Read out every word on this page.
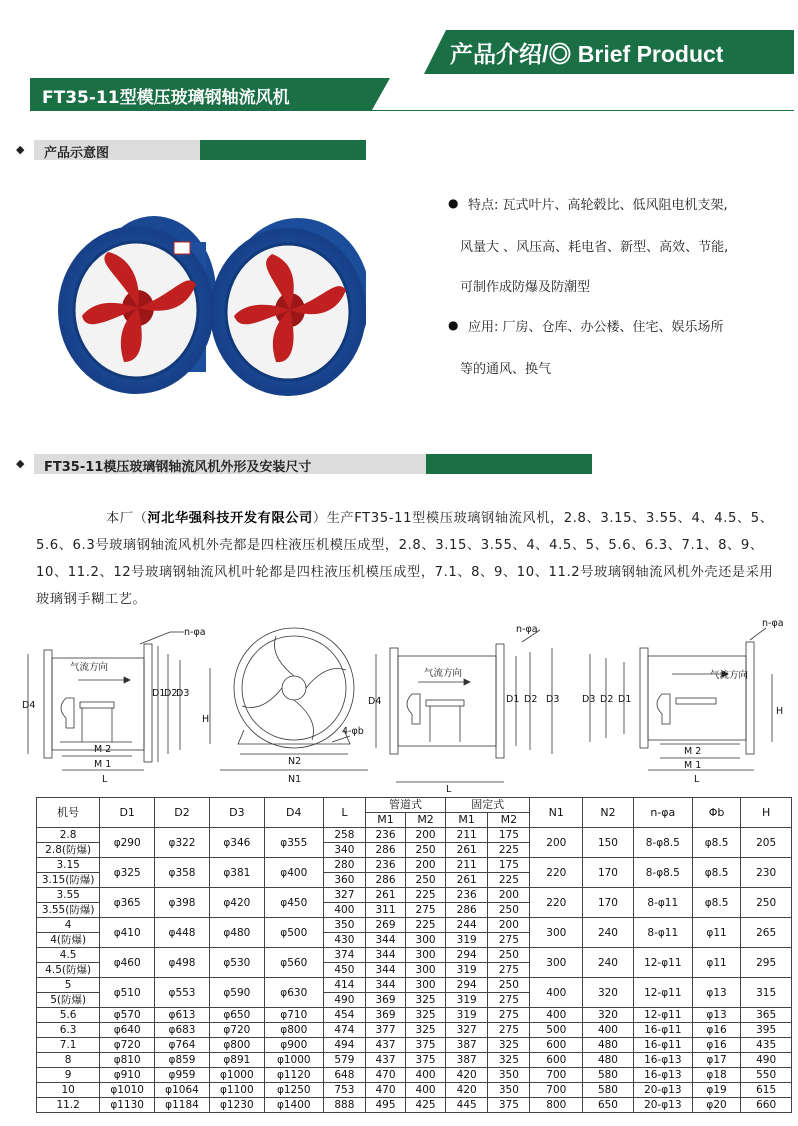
产品介绍/◎ Brief Product
FT35-11型模压玻璃钢轴流风机
◆ 产品示意图
● 特点: 瓦式叶片、高轮毂比、低风阻电机支架,
风量大 、风压高、耗电省、新型、高效、节能,
可制作成防爆及防潮型
● 应用: 厂房、仓库、办公楼、住宅、娱乐场所
等的通风、换气
◆ FT35-11模压玻璃钢轴流风机外形及安装尺寸
本厂（河北华强科技开发有限公司）生产FT35-11型模压玻璃钢轴流风机，2.8、3.15、3.55、4、4.5、5、5.6、6.3号玻璃钢轴流风机外壳都是四柱液压机模压成型，2.8、3.15、3.55、4、4.5、5、5.6、6.3、7.1、8、9、10、11.2、12号玻璃钢轴流风机叶轮都是四柱液压机模压成型，7.1、8、9、10、11.2号玻璃钢轴流风机外壳还是采用玻璃钢手糊工艺。
n-φa
气流方向
D4
D1
D2
D3
M 2
M 1
L
H
N2
N1
4-φb
n-φa
气流方向
D4	D1 D2 D3
L
n-φa
气流方向
D3 D2 D1
H
M 2
M 1
L
机号	D1	D2	D3	D4	L	管道式		固定式		N1	N2	n-φa	Φb	H
						M1	M2	M1	M2					
2.8	φ290	φ322	φ346	φ355	258	236	200	211	175	200	150	8-φ8.5	φ8.5	205
2.8(防爆)					340	286	250	261	225					
3.15	φ325	φ358	φ381	φ400	280	236	200	211	175	220	170	8-φ8.5	φ8.5	230
3.15(防爆)					360	286	250	261	225					
3.55	φ365	φ398	φ420	φ450	327	261	225	236	200	220	170	8-φ11	φ8.5	250
3.55(防爆)					400	311	275	286	250					
4	φ410	φ448	φ480	φ500	350	269	225	244	200	300	240	8-φ11	φ11	265
4(防爆)					430	344	300	319	275					
4.5	φ460	φ498	φ530	φ560	374	344	300	294	250	300	240	12-φ11	φ11	295
4.5(防爆)					450	344	300	319	275					
5	φ510	φ553	φ590	φ630	414	344	300	294	250	400	320	12-φ11	φ13	315
5(防爆)					490	369	325	319	275					
5.6	φ570	φ613	φ650	φ710	454	369	325	319	275	400	320	12-φ11	φ13	365
6.3	φ640	φ683	φ720	φ800	474	377	325	327	275	500	400	16-φ11	φ16	395
7.1	φ720	φ764	φ800	φ900	494	437	375	387	325	600	480	16-φ11	φ16	435
8	φ810	φ859	φ891	φ1000	579	437	375	387	325	600	480	16-φ13	φ17	490
9	φ910	φ959	φ1000	φ1120	648	470	400	420	350	700	580	16-φ13	φ18	550
10	φ1010	φ1064	φ1100	φ1250	753	470	400	420	350	700	580	20-φ13	φ19	615
11.2	φ1130	φ1184	φ1230	φ1400	888	495	425	445	375	800	650	20-φ13	φ20	660
